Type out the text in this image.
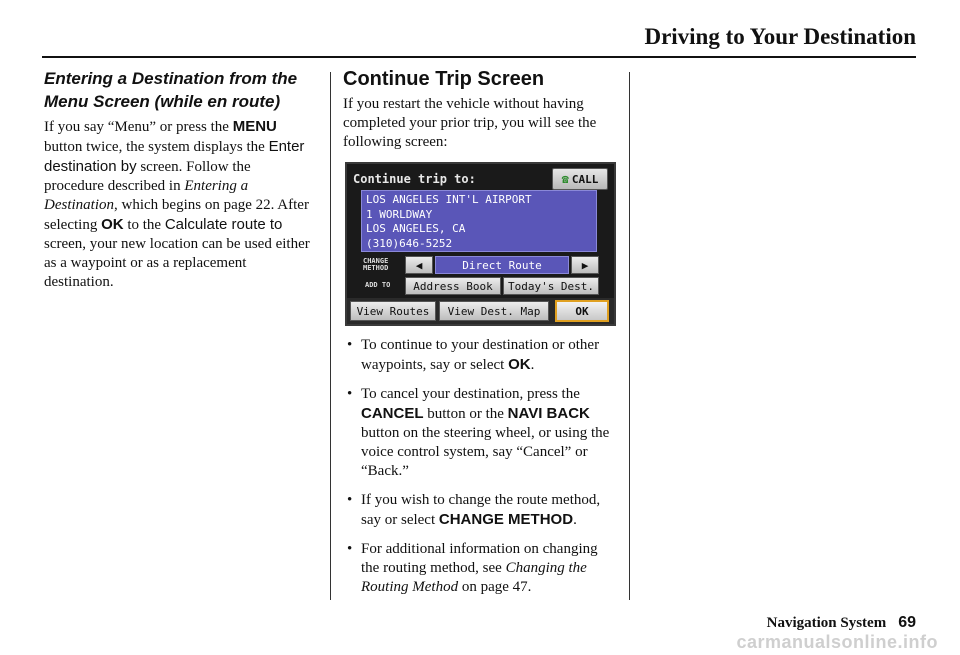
Driving to Your Destination
Entering a Destination from the
Menu Screen (while en route)

If you say “Menu” or press the MENU button twice, the system displays the Enter destination by screen. Follow the procedure described in Entering a Destination, which begins on page 22. After selecting OK to the Calculate route to screen, your new location can be used either as a waypoint or as a replacement destination.

Continue Trip Screen

If you restart the vehicle without having completed your prior trip, you will see the following screen:

Continue trip to:	☎ CALL
LOS ANGELES INT'L AIRPORT
1 WORLDWAY
LOS ANGELES, CA
(310)646-5252
CHANGE
METHOD ◀	Direct Route	▶
ADD TO	Address Book	Today's Dest.
View Routes	View Dest. Map	OK
• To continue to your destination or other waypoints, say or select OK.
• To cancel your destination, press the CANCEL button or the NAVI BACK button on the steering wheel, or using the voice control system, say “Cancel” or “Back.”
• If you wish to change the route method, say or select CHANGE METHOD.
• For additional information on changing the routing method, see Changing the Routing Method on page 47.
Navigation System 69
carmanualsonline.info
